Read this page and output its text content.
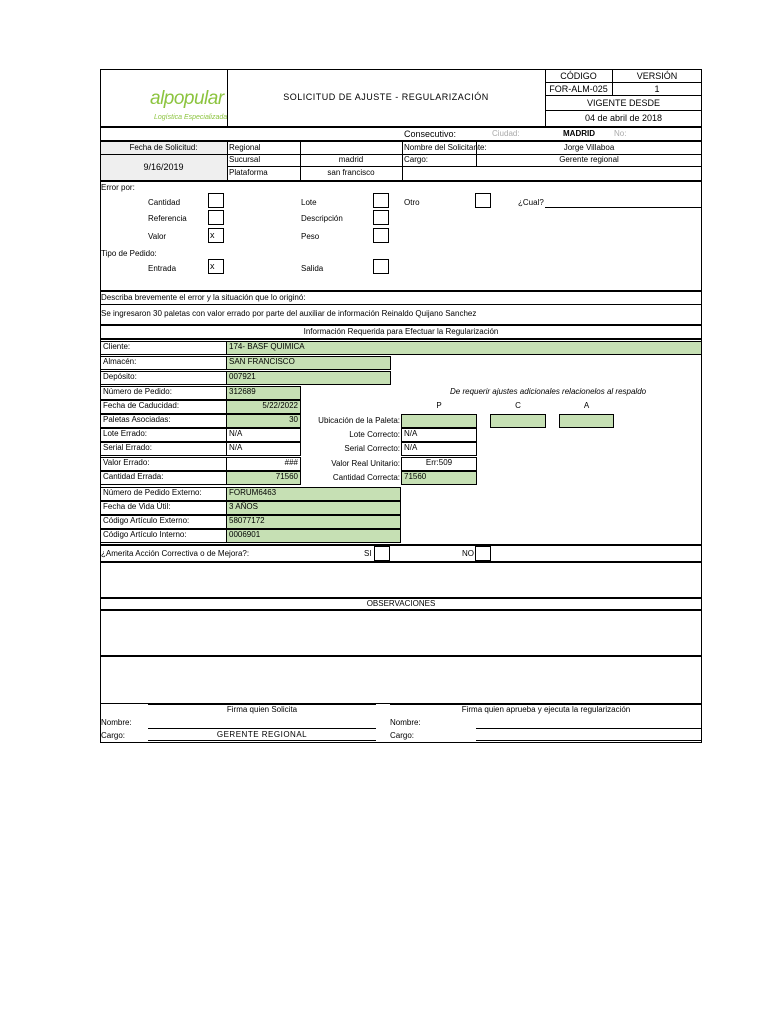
alpopular
Logística Especializada
SOLICITUD DE AJUSTE - REGULARIZACIÓN
CÓDIGO	VERSIÓN
FOR-ALM-025	1
VIGENTE DESDE
04 de abril de 2018
Consecutivo:	Ciudad:	MADRID No:
Fecha de Solicitud:
9/16/2019
Regional
Sucursal	madrid
Plataforma	san francisco
Nombre del Solicitante:	Jorge Villaboa
Cargo:	Gerente regional
Error por:
Cantidad
Referencia
Valor	x
Lote
Descripción
Peso
Otro	¿Cual?
Tipo de Pedido:
Entrada	x	Salida
Describa brevemente el error y la situación que lo originó:
Se ingresaron 30 paletas con valor errado por parte del auxiliar de información Reinaldo Quijano Sanchez
Información Requerida para Efectuar la Regularización
Cliente:	174- BASF QUIMICA
Almacén:	SAN FRANCISCO
Depósito:	007921
Número de Pedido:	312689
Fecha de Caducidad:	5/22/2022
Paletas Asociadas:	30
Lote Errado:	N/A
Serial Errado:	N/A
Valor Errado:	###
Cantidad Errada:	71560
De requerir ajustes adicionales relacionelos al respaldo
P	C	A
Ubicación de la Paleta:
Lote Correcto: N/A
Serial Correcto: N/A
Valor Real Unitario:	Err:509
Cantidad Correcta: 71560
Número de Pedido Externo:	FORUM6463
Fecha de Vida Útil:	3 AÑOS
Código Artículo Externo:	58077172
Código Artículo Interno:	0006901
¿Amerita Acción Correctiva o de Mejora?:	SI	NO
OBSERVACIONES
Firma quien Solicita	Firma quien aprueba y ejecuta la regularización
Nombre:
Cargo:	GERENTE REGIONAL
Nombre:
Cargo:
